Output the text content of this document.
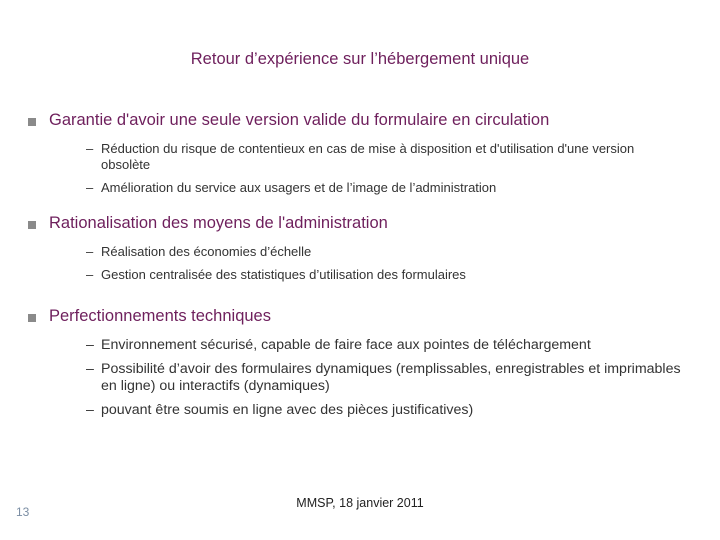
Retour d’expérience sur l’hébergement unique
Garantie d'avoir une seule version valide du formulaire en circulation
– Réduction du risque de contentieux en cas de mise à disposition et d'utilisation d'une version obsolète
– Amélioration du service aux usagers et de l’image de l’administration
Rationalisation des moyens de l'administration
– Réalisation des économies d’échelle
– Gestion centralisée des statistiques d’utilisation des formulaires
Perfectionnements techniques
– Environnement sécurisé, capable de faire face aux pointes de téléchargement
– Possibilité d’avoir des formulaires dynamiques (remplissables, enregistrables et imprimables en ligne) ou interactifs (dynamiques)
– pouvant être soumis en ligne avec des pièces justificatives)
13
MMSP, 18 janvier 2011
